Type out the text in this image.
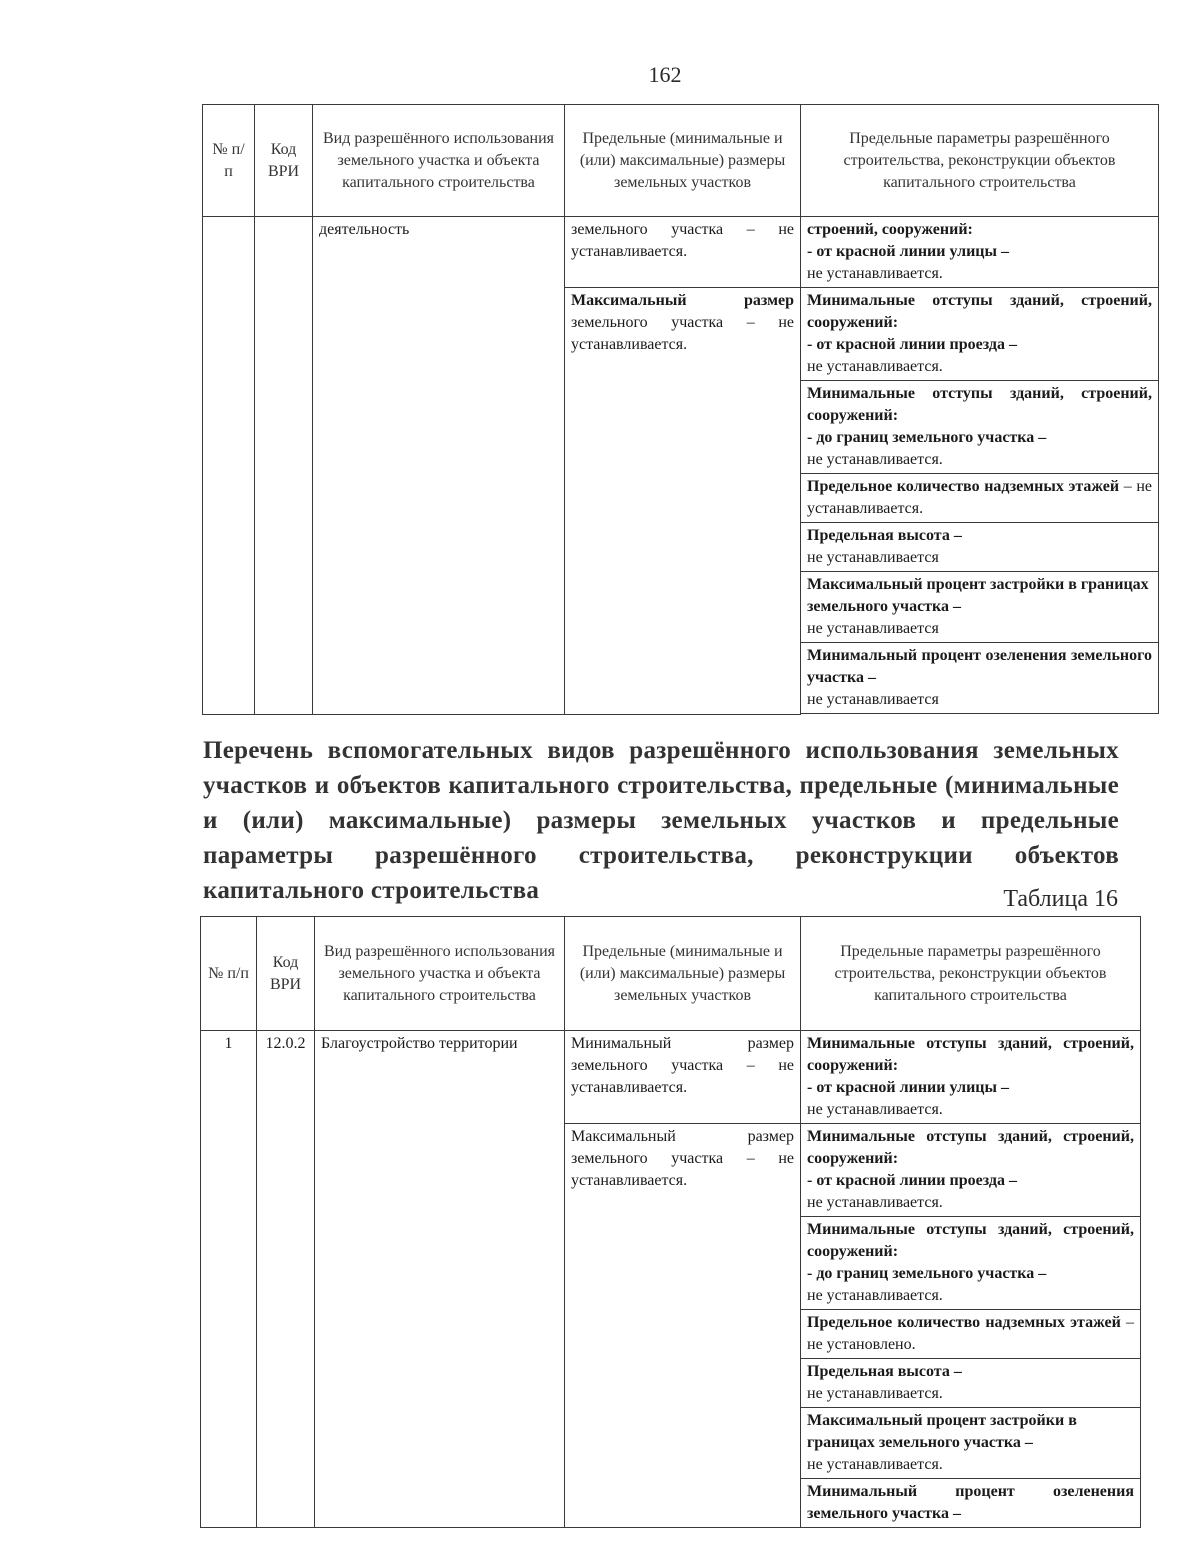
162
№ п/п	Код ВРИ	Вид разрешённого использования земельного участка и объекта капитального строительства	Предельные (минимальные и (или) максимальные) размеры земельных участков	Предельные параметры разрешённого строительства, реконструкции объектов капитального строительства
		деятельность	земельного участка – не устанавливается.	строений, сооружений:
- от красной линии улицы –
не устанавливается.
			Максимальный размер земельного участка – не устанавливается.	Минимальные отступы зданий, строений, сооружений:
- от красной линии проезда –
не устанавливается.
				Минимальные отступы зданий, строений, сооружений:
- до границ земельного участка –
не устанавливается.
				Предельное количество надземных этажей – не устанавливается.
				Предельная высота –
не устанавливается
				Максимальный процент застройки в границах земельного участка –
не устанавливается
				Минимальный процент озеленения земельного участка –
не устанавливается

Перечень вспомогательных видов разрешённого использования земельных участков и объектов капитального строительства, предельные (минимальные и (или) максимальные) размеры земельных участков и предельные параметры разрешённого строительства, реконструкции объектов капитального строительства	Таблица 16
№ п/п	Код ВРИ	Вид разрешённого использования земельного участка и объекта капитального строительства	Предельные (минимальные и (или) максимальные) размеры земельных участков	Предельные параметры разрешённого строительства, реконструкции объектов капитального строительства
1	12.0.2	Благоустройство территории	Минимальный размер земельного участка – не устанавливается.	Минимальные отступы зданий, строений, сооружений:
- от красной линии улицы –
не устанавливается.
			Максимальный размер земельного участка – не устанавливается.	Минимальные отступы зданий, строений, сооружений:
- от красной линии проезда –
не устанавливается.
				Минимальные отступы зданий, строений, сооружений:
- до границ земельного участка –
не устанавливается.
				Предельное количество надземных этажей – не установлено.
				Предельная высота –
не устанавливается.
				Максимальный процент застройки в границах земельного участка –
не устанавливается.
				Минимальный процент озеленения земельного участка –
